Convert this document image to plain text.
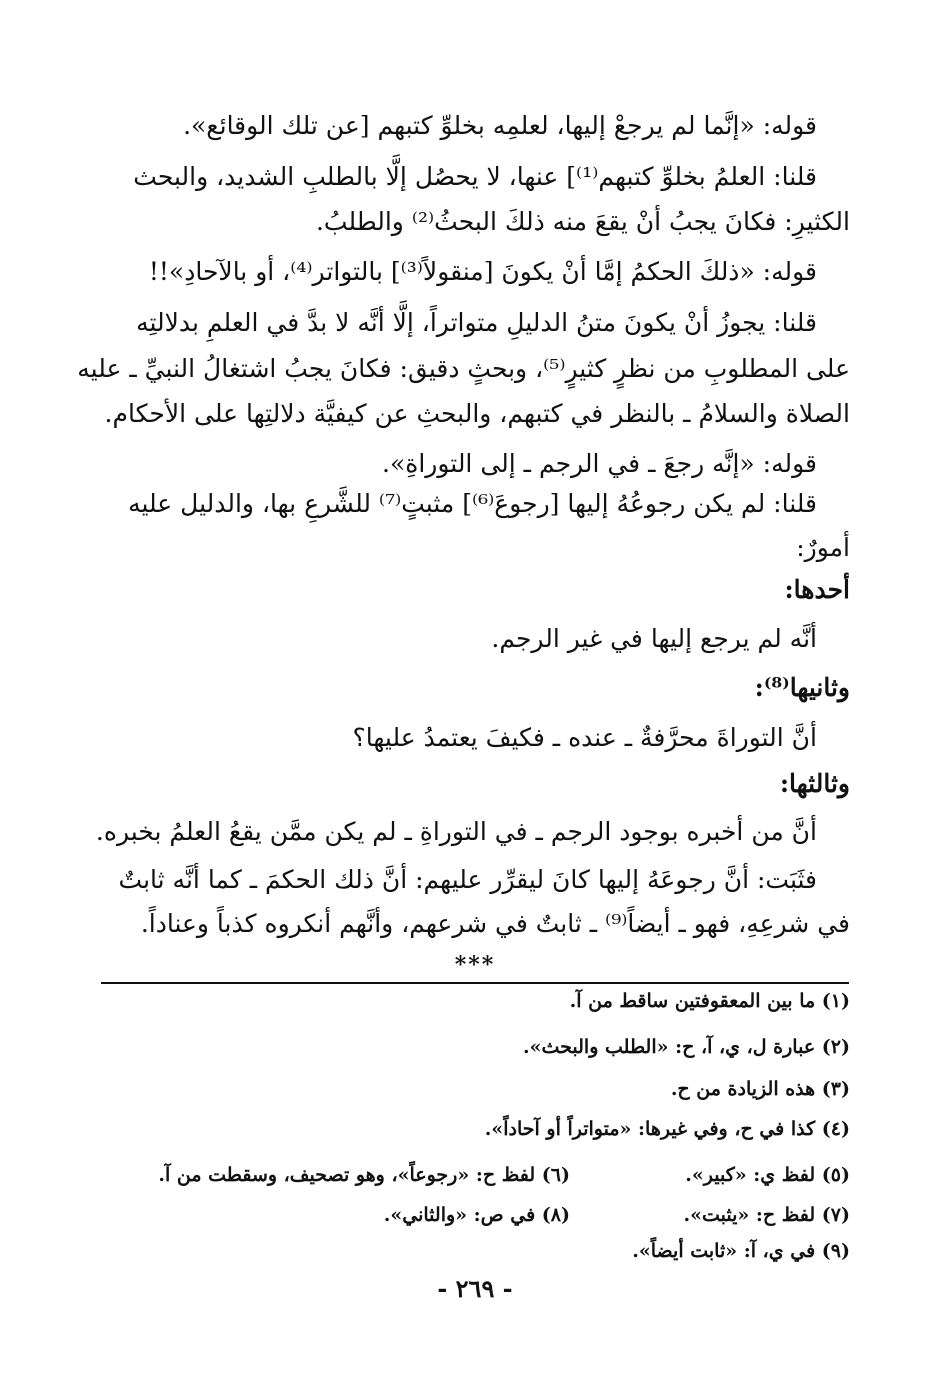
قوله: «إنَّما لم يرجعْ إليها، لعلمِه بخلوِّ كتبهم [عن تلك الوقائع».
قلنا: العلمُ بخلوِّ كتبهم⁽¹⁾] عنها، لا يحصُل إلَّا بالطلبِ الشديد، والبحث
الكثيرِ: فكانَ يجبُ أنْ يقعَ منه ذلكَ البحثُ⁽²⁾ والطلبُ.
قوله: «ذلكَ الحكمُ إمَّا أنْ يكونَ [منقولاً⁽³⁾] بالتواتر⁽⁴⁾، أو بالآحادِ»!!
قلنا: يجوزُ أنْ يكونَ متنُ الدليلِ متواتراً، إلَّا أنَّه لا بدَّ في العلمِ بدلالتِه
على المطلوبِ من نظرٍ كثيرٍ⁽⁵⁾، وبحثٍ دقيق: فكانَ يجبُ اشتغالُ النبيِّ ـ عليه
الصلاة والسلامُ ـ بالنظر في كتبهم، والبحثِ عن كيفيَّة دلالتِها على الأحكام.
قوله: «إنَّه رجعَ ـ في الرجم ـ إلى التوراةِ».
قلنا: لم يكن رجوعُهُ إليها [رجوعَ⁽⁶⁾] مثبتٍ⁽⁷⁾ للشَّرعِ بها، والدليل عليه
أمورٌ:
أحدها:
أنَّه لم يرجع إليها في غير الرجم.
وثانيها⁽⁸⁾:
أنَّ التوراةَ محرَّفةٌ ـ عنده ـ فكيفَ يعتمدُ عليها؟
وثالثها:
أنَّ من أخبره بوجود الرجم ـ في التوراةِ ـ لم يكن ممَّن يقعُ العلمُ بخبره.
فثَبَت: أنَّ رجوعَهُ إليها كانَ ليقرِّر عليهم: أنَّ ذلك الحكمَ ـ كما أنَّه ثابتٌ
في شرعِهِ، فهو ـ أيضاً⁽⁹⁾ ـ ثابتٌ في شرعهم، وأنَّهم أنكروه كذباً وعناداً.
***
(١) ما بين المعقوفتين ساقط من آ.
(٢) عبارة ل، ي، آ، ح: «الطلب والبحث».
(٣) هذه الزيادة من ح.
(٤) كذا في ح، وفي غيرها: «متواتراً أو آحاداً».
(٥) لفظ ي: «كبير».
(٦) لفظ ح: «رجوعاً»، وهو تصحيف، وسقطت من آ.
(٧) لفظ ح: «يثبت».
(٨) في ص: «والثاني».
(٩) في ي، آ: «ثابت أيضاً».
- ٢٦٩ -
